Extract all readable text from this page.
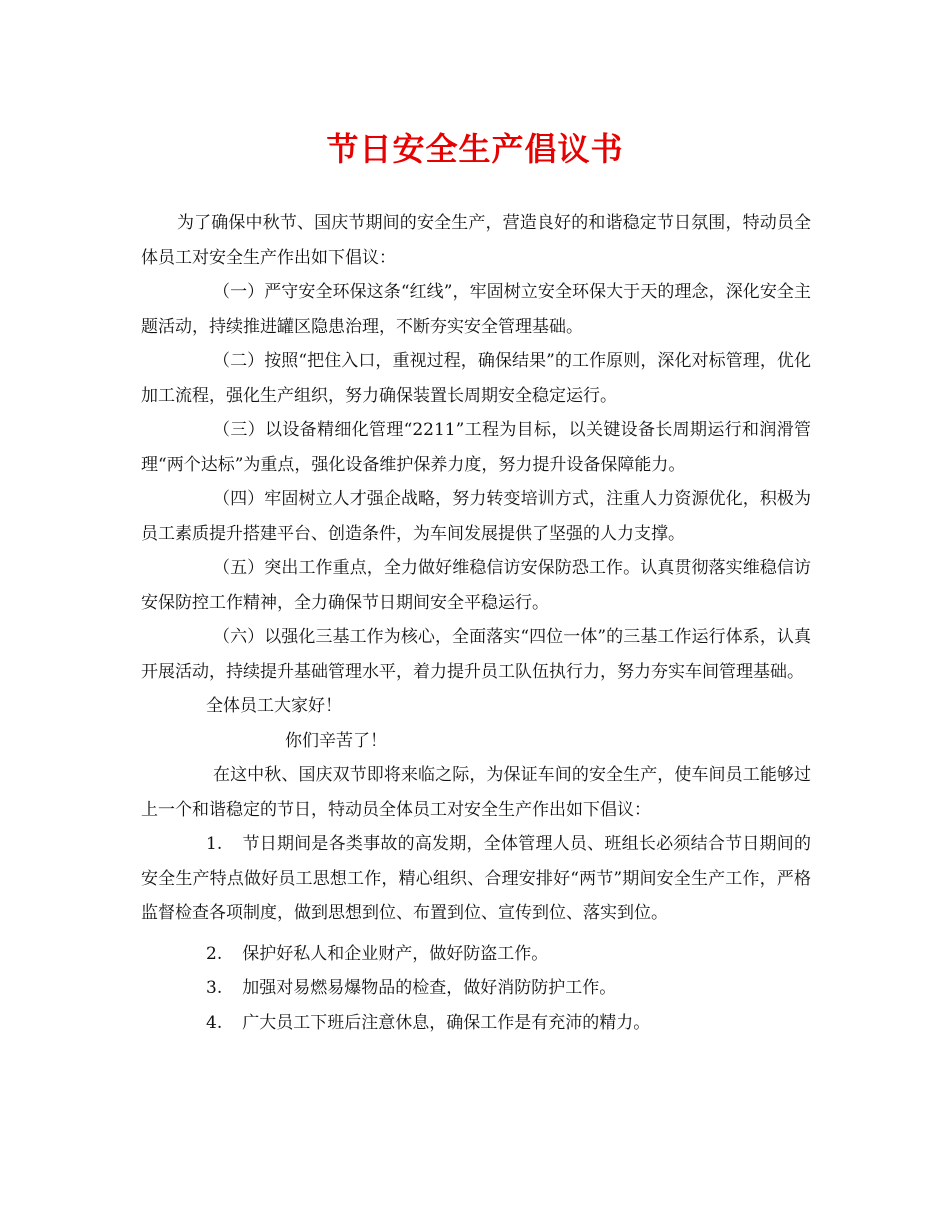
节日安全生产倡议书

为了确保中秋节、国庆节期间的安全生产，营造良好的和谐稳定节日氛围，特动员全体员工对安全生产作出如下倡议：

（一）严守安全环保这条“红线”，牢固树立安全环保大于天的理念，深化安全主题活动，持续推进罐区隐患治理，不断夯实安全管理基础。

（二）按照“把住入口，重视过程，确保结果”的工作原则，深化对标管理，优化加工流程，强化生产组织，努力确保装置长周期安全稳定运行。

（三）以设备精细化管理“2211”工程为目标，以关键设备长周期运行和润滑管理“两个达标”为重点，强化设备维护保养力度，努力提升设备保障能力。

（四）牢固树立人才强企战略，努力转变培训方式，注重人力资源优化，积极为员工素质提升搭建平台、创造条件，为车间发展提供了坚强的人力支撑。

（五）突出工作重点，全力做好维稳信访安保防恐工作。认真贯彻落实维稳信访安保防控工作精神，全力确保节日期间安全平稳运行。

（六）以强化三基工作为核心，全面落实“四位一体”的三基工作运行体系，认真开展活动，持续提升基础管理水平，着力提升员工队伍执行力，努力夯实车间管理基础。

全体员工大家好！

你们辛苦了！

在这中秋、国庆双节即将来临之际，为保证车间的安全生产，使车间员工能够过上一个和谐稳定的节日，特动员全体员工对安全生产作出如下倡议：

1. 节日期间是各类事故的高发期，全体管理人员、班组长必须结合节日期间的安全生产特点做好员工思想工作，精心组织、合理安排好“两节”期间安全生产工作，严格监督检查各项制度，做到思想到位、布置到位、宣传到位、落实到位。

2. 保护好私人和企业财产，做好防盗工作。

3. 加强对易燃易爆物品的检查，做好消防防护工作。

4. 广大员工下班后注意休息，确保工作是有充沛的精力。
